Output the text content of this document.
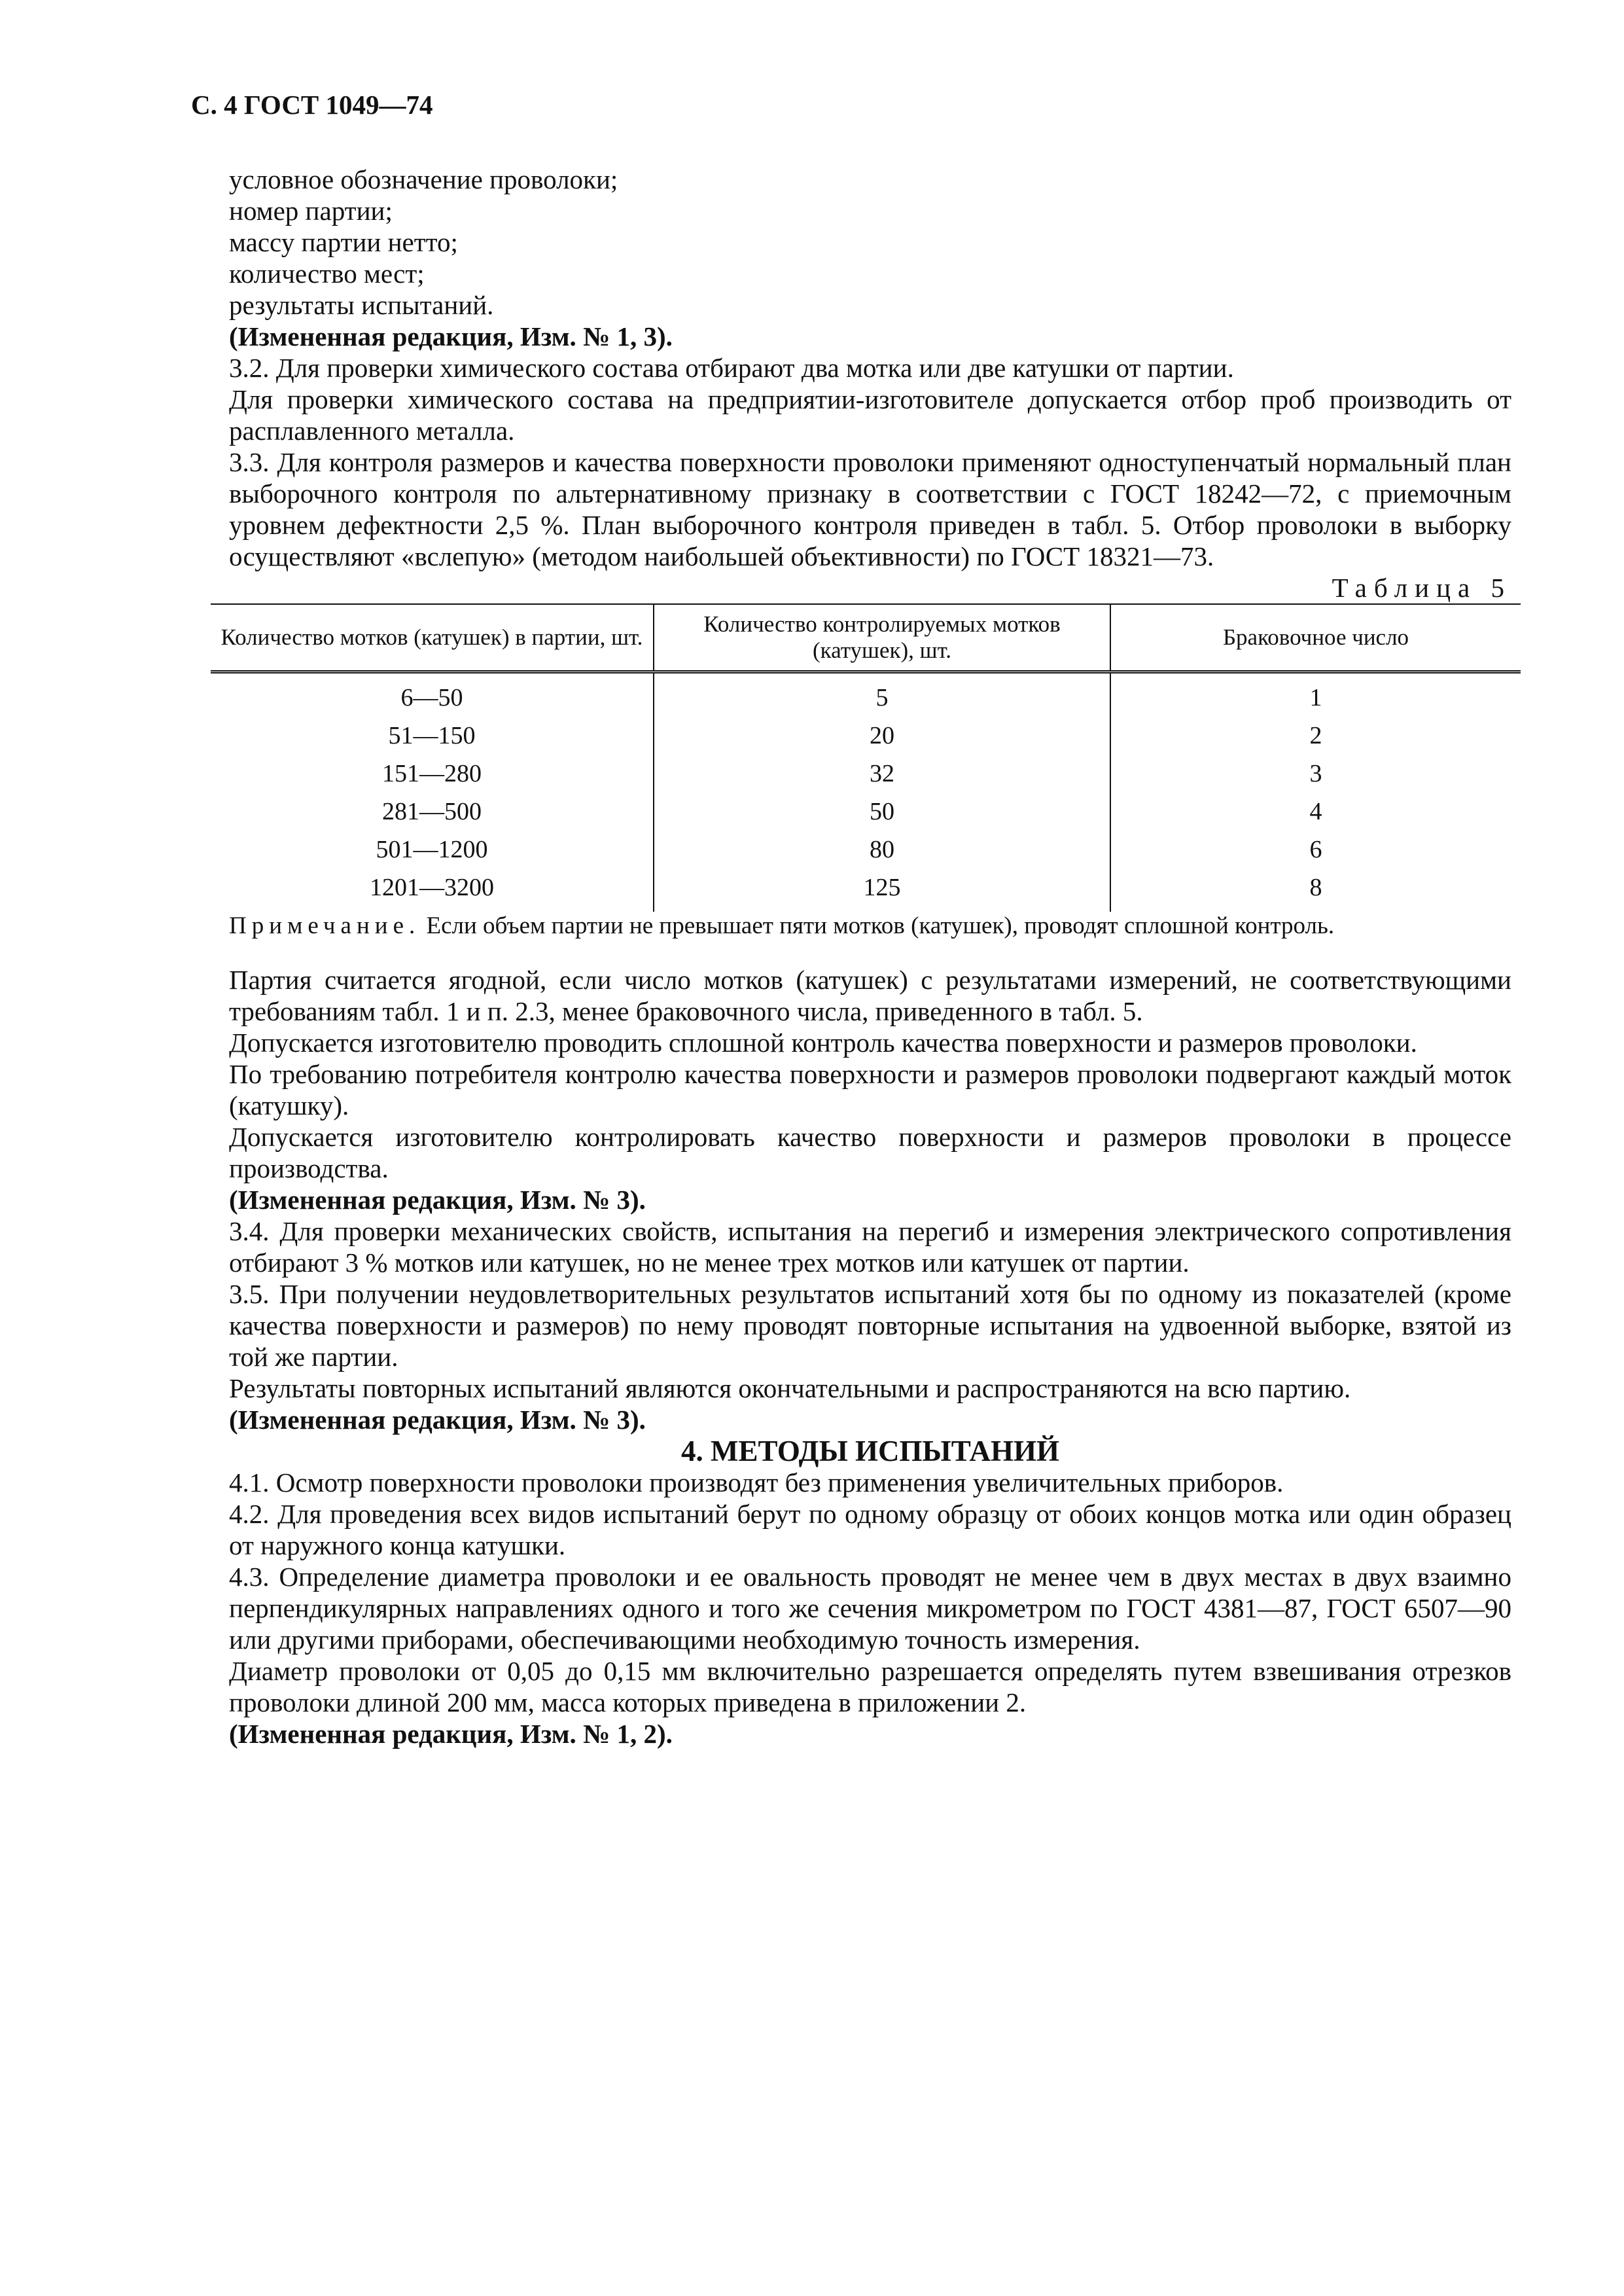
С. 4 ГОСТ 1049—74

условное обозначение проволоки;

номер партии;

массу партии нетто;

количество мест;

результаты испытаний.

(Измененная редакция, Изм. № 1, 3).

3.2. Для проверки химического состава отбирают два мотка или две катушки от партии.

Для проверки химического состава на предприятии-изготовителе допускается отбор проб производить от расплавленного металла.

3.3. Для контроля размеров и качества поверхности проволоки применяют одноступенчатый нормальный план выборочного контроля по альтернативному признаку в соответствии с ГОСТ 18242—72, с приемочным уровнем дефектности 2,5 %. План выборочного контроля приведен в табл. 5. Отбор проволоки в выборку осуществляют «вслепую» (методом наибольшей объективности) по ГОСТ 18321—73.

Таблица 5

Количество мотков (катушек) в партии, шт.	Количество контролируемых мотков (катушек), шт.	Браковочное число
6—50	5	1
51—150	20	2
151—280	32	3
281—500	50	4
501—1200	80	6
1201—3200	125	8

Примечание. Если объем партии не превышает пяти мотков (катушек), проводят сплошной контроль.

Партия считается ягодной, если число мотков (катушек) с результатами измерений, не соответствующими требованиям табл. 1 и п. 2.3, менее браковочного числа, приведенного в табл. 5.

Допускается изготовителю проводить сплошной контроль качества поверхности и размеров проволоки.

По требованию потребителя контролю качества поверхности и размеров проволоки подвергают каждый моток (катушку).

Допускается изготовителю контролировать качество поверхности и размеров проволоки в процессе производства.

(Измененная редакция, Изм. № 3).

3.4. Для проверки механических свойств, испытания на перегиб и измерения электрического сопротивления отбирают 3 % мотков или катушек, но не менее трех мотков или катушек от партии.

3.5. При получении неудовлетворительных результатов испытаний хотя бы по одному из показателей (кроме качества поверхности и размеров) по нему проводят повторные испытания на удвоенной выборке, взятой из той же партии.

Результаты повторных испытаний являются окончательными и распространяются на всю партию.

(Измененная редакция, Изм. № 3).

4. МЕТОДЫ ИСПЫТАНИЙ

4.1. Осмотр поверхности проволоки производят без применения увеличительных приборов.

4.2. Для проведения всех видов испытаний берут по одному образцу от обоих концов мотка или один образец от наружного конца катушки.

4.3. Определение диаметра проволоки и ее овальность проводят не менее чем в двух местах в двух взаимно перпендикулярных направлениях одного и того же сечения микрометром по ГОСТ 4381—87, ГОСТ 6507—90 или другими приборами, обеспечивающими необходимую точность измерения.

Диаметр проволоки от 0,05 до 0,15 мм включительно разрешается определять путем взвешивания отрезков проволоки длиной 200 мм, масса которых приведена в приложении 2.

(Измененная редакция, Изм. № 1, 2).
